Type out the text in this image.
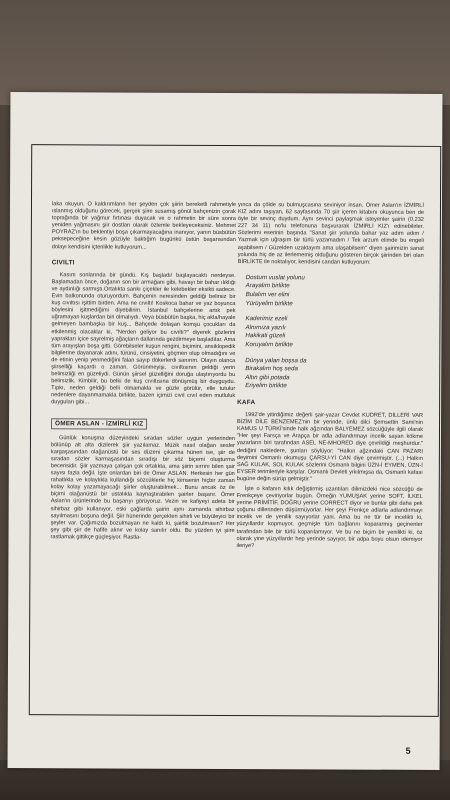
laka okuyun. O kaldırımların her şeyden çok şiirin bereketli rahmetiyle ıslanmış olduğunu görecek, gerçek şiire susamış gönül bahçenizin çorak toprağında bir yağmur fırtınası duyacak ve o rahmetin bir süre sonra yeniden yağmasını şiir dostları olarak özlemle bekleyeceksiniz. Mehmet POYRAZ'ın bu beklentiyi boşa çıkarmayacağına inanıyor, yanın büsbütün peksepeceğine kesin gözüyle baktığım bugünkü üstün başarısından dolayı kendisini içtenlikle kutluyorum...

CIVILTI

Kasım sonlarında bir gündü. Kış başladı/ başlayacaktı nerdeyse. Başlamadan önce, doğanın son bir armağanı gibi, havayı bir bahar ılıklığı ve aydınlığı sarmıştı.Ortalıkta sarıkı çiçekler ile kelebekler eksikti sadece. Evin balkonunda oturuyordum. Bahçenin neresinden geldiği belirsiz bir kuş cıvıltısı işittim birden. Ama ne cıvıltı! Koskoca bahar ve yaz boyunca böylesini işitmediğimi diyebilirim. İstanbul bahçelerine artık pek uğramayan kuşlardan biri olmalıydı. Veya büsbütün başka, hiç akla/hayale gelmeyen bambaşka bir kuş... Bahçede dolaşan komşu çocukları da etkilenmiş olacaklar ki, "Nerden geliyor bu cıvıltı?" diyerek gözlerini yaprakları içice sayrelmiş ağaçların dallarında gezdirmeye başladılar. Ama tüm arayışları boşa gitti. Görebilseler kuşun rengini, biçimini, ansiklopedik bilgilerine dayanarak adını, türünü, cinsiyetini, göçmen olup olmadığını ve de etinin yenip yenmediğini falan sayıp dökerlerdi sanırım. Olayın olanca şiirselliği kaçardı o zaman. Görünmeyişi, cıvıltısının geldiği yerin belirsizliği en güzeliydi. Günün şiirsel güzelliğini doruğa ulaştırıyordu bu belirsizlik. Kimbilir, bu belki de kuş cıvıltısına dönüşmüş bir duyguydu. Tıpkı, neden geldiği belli olmamakla ve güzle görülür, elle tutulur nedenlere dayanmamakla birlikte, bazen içimizi cıvıl cıvıl eden mutluluk duyguları gibi...

ÖMER ASLAN - İZMİRLİ KIZ

Günlük konuşma düzeyindeki sıradan sözler uygun yerlerinden bölünüp alt alta dizilerek şiir yazılamaz. Müzik nasıl olağan sesler kargaşasından olağanüstü bir ses düzeni çıkarma hüneri ise, şiir de sıradan sözler karmaşasından sıradışı bir söz biçemi oluşturma becerisidir. Şiir yazmaya çalışan çok ortalıkta, ama şiirin sırrını bilen şair sayısı fazla değil. İşte onlardan biri de Ömer ASLAN. Herkesin her gün rahatlıkla ve kolaylıkla kullandığı sözcüklerle hiç kimsenin hiçbir zaman kolay kolay yazamayacağı şiirler oluşturabilmek... Bunu ancak öz ile biçimi olağanüstü bir ustalıkla kaynaştırabilen şairler başarır. Ömer Aslan'ın ürünlerinde bu başarıyı görüyoruz. Vezin ve kafiyeyi adeta bir sihirbaz gibi kullanıyor, eski çağlarda şairin aynı zamanda sihirbaz sayılmasını boşuna değil. Şiir hünerinde gerçekten sihirli ve büyüleyici bir şeyler var. Çağımızda bozulmayan ne kaldı ki, şairlik bozulmasın? Her şey gibi şiir de hafife alınır ve kolay sanılır oldu. Bu yüzden iyi şiire rastlamak gittikçe güçleşiyor. Rastla-

yınca da çölde su bulmuşcasına seviniyor insan. Ömer Aslan'ın İZMİRLİ KIZ adını taşıyan, 62 sayfasında 70 şiir içeren kitabını okuyunca ben de öyle bir sevinç duydum. Aynı sevinci paylaşmak isteyenler şairin (0.232 227 34 11) no'lu telefonuna başvurarak İZMİRLİ KIZ'ı edinebilirler. Sözlerimi eserinin başında "Sanat şiir yolunda bahar yaz adım adım / Yazmak için uğraşım bir türlü yazamadım / Tek arzum elimde bu engeli aşabilsem / Güzelden uzaktayım ama ulaşabilsem" diyen şairimizin sanat yolunda hiç de az ilerlememiş olduğunu gösteren birçok şiirinden biri olan BİRLİKTE ile noktalıyor, kendisini candan kutluyorum:

Dostum vuslat yolunu
Arayalım birlikte
Bulalım ver elini
Yürüyelim birlikte
Kaderimiz ezeli
Alnımıza yazılı
Hakikati güzeli
Koruyalım birlikte
Dünya yalan boşsa da
Birakalım hoş seda
Altın gibi potada
Eriyelim birlikte
KAFA

1992'de yitirdiğimiz değerli şair-yazar Cevdet KUDRET, DİLLERİ VAR BİZİM DİLE BENZEMEZ'nin bir yerinde, ünlü dilci Şemsettin Sami'nin KAMUS U TÜRKİ'sinde halk ağzından BALYEMEZ sözcüğüyle ilgili olarak "Her şeyi Farsça ve Arapça bir adla adlandırmayı incelik sayan kökme yazarların biri tarafından ASEL NE-MHORED diye çevrildiği meşhurdur." dediğini nakledere, şunları söylüyor: "Halkın ağzındaki CAN PAZARI deyimini Osmanlı okumuşu ÇARSU-Yİ CAN diye çevirmiştir. (...) Halkın SAĞ KULAK, SOL KULAK sözlerini Osmanlı bilgini ÜZN-İ EYMEN, ÜZN-İ EYSER terimleriyle karşılar. Osmanlı Devleti yıkılmışsa da, Osmanlı kafası bugüne değin sürüp gelmiştir."

İşte o kafanın kılık değiştirmiş uzantıları dilimizdeki nice sözcüğü de Frenkçeye çeviriyorlar bugün. Örneğin YUMUŞAK yerine SOFT, İLKEL yerine PRİMİTİF, DOĞRU yerine CORRECT diyor ve bunlar gibi daha pek çoğunu dillerinden düşürmüyorlar. Her şeyi Frenkçe adlarla adlandırmayı incelik ve de yenilik sayıyorlar yani. Ama bu ne tür bir incelikti ki, yüzyıllardır kopmuyor, geçmişle tüm bağlarını kopararmış geçinenler tarafından bile bir türlü koparılamıyor. Ve bu ne biçim bir yenilikti ki, öz olarak yine yüzyıllardır hep yerinde sayıyor, bir adpa boyu olsun ıdemiyor ileriye?

5
